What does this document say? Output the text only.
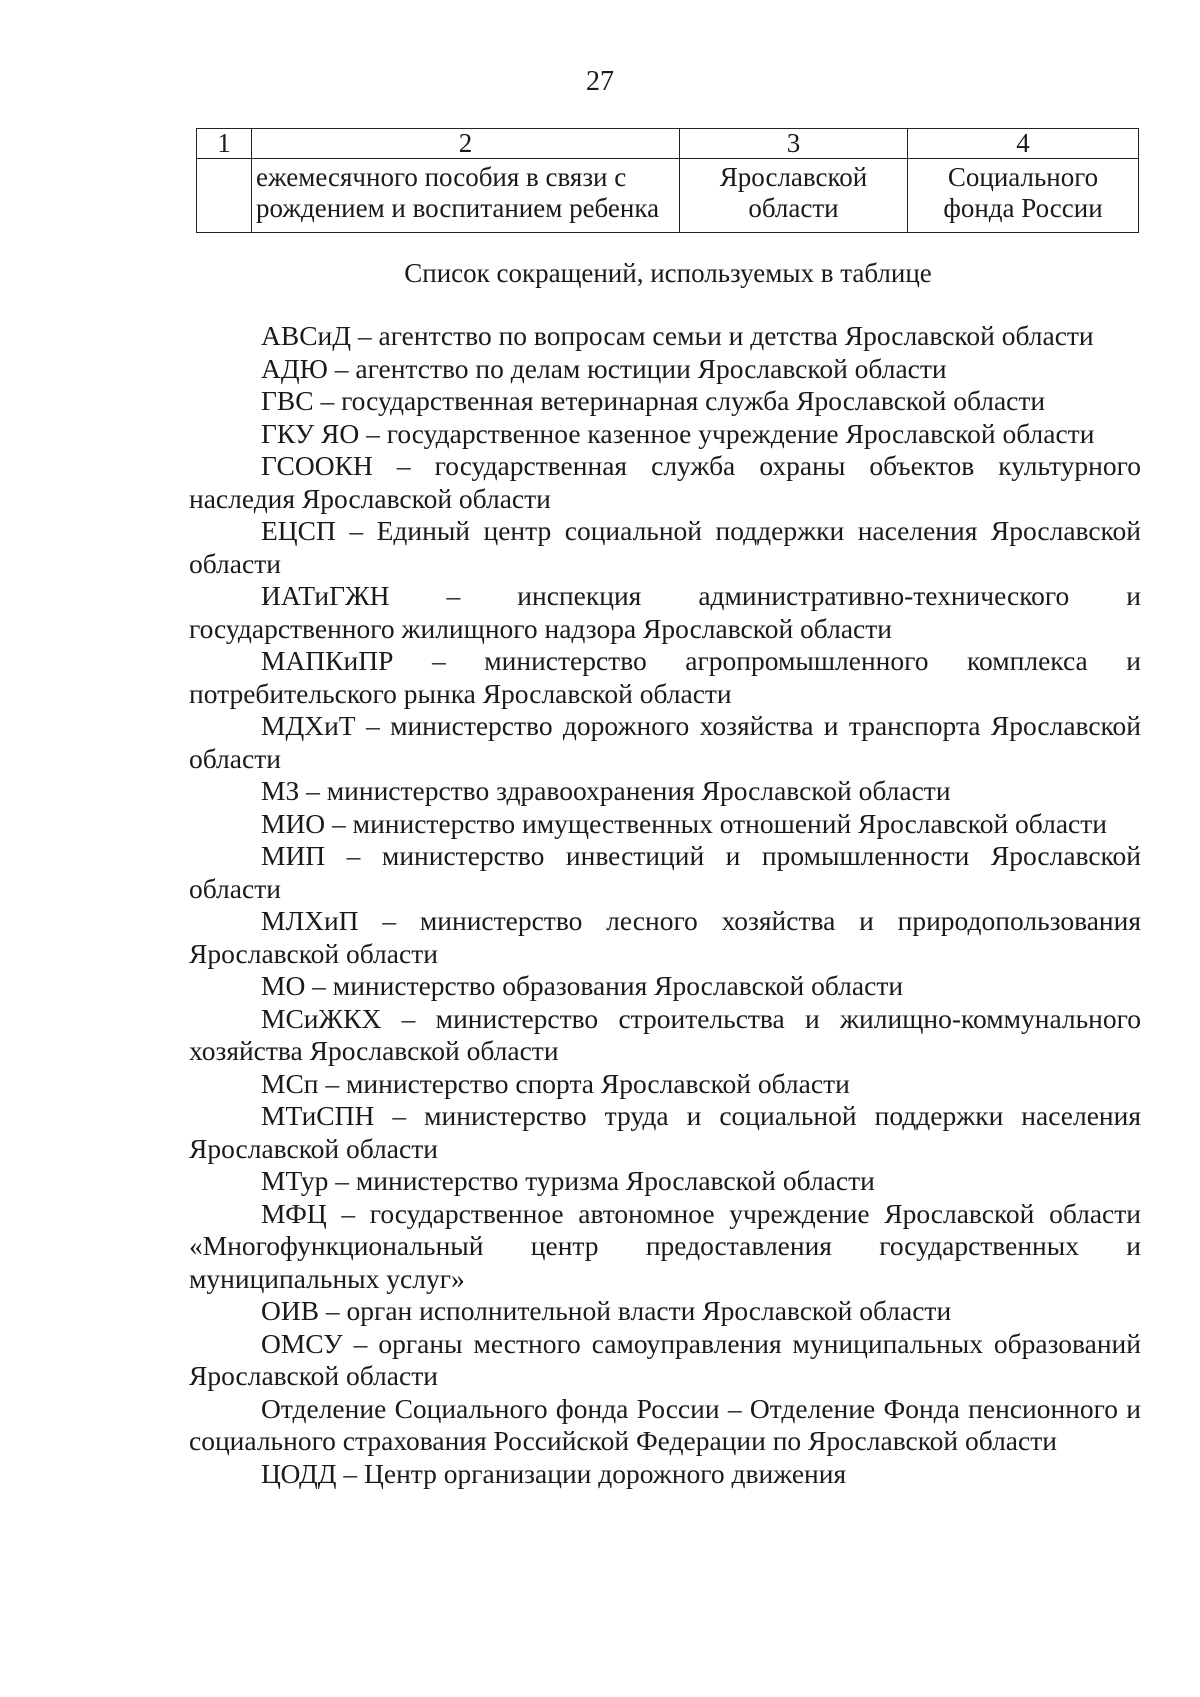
27
1	2	3	4
	ежемесячного пособия в связи с рождением и воспитанием ребенка	Ярославской области	Социального фонда России
Список сокращений, используемых в таблице

АВСиД – агентство по вопросам семьи и детства Ярославской области

АДЮ – агентство по делам юстиции Ярославской области

ГВС – государственная ветеринарная служба Ярославской области

ГКУ ЯО – государственное казенное учреждение Ярославской области

ГСООКН – государственная служба охраны объектов культурного наследия Ярославской области

ЕЦСП – Единый центр социальной поддержки населения Ярославской области

ИАТиГЖН – инспекция административно-технического и государственного жилищного надзора Ярославской области

МАПКиПР – министерство агропромышленного комплекса и потребительского рынка Ярославской области

МДХиТ – министерство дорожного хозяйства и транспорта Ярославской области

МЗ – министерство здравоохранения Ярославской области

МИО – министерство имущественных отношений Ярославской области

МИП – министерство инвестиций и промышленности Ярославской области

МЛХиП – министерство лесного хозяйства и природопользования Ярославской области

МО – министерство образования Ярославской области

МСиЖКХ – министерство строительства и жилищно-коммунального хозяйства Ярославской области

МСп – министерство спорта Ярославской области

МТиСПН – министерство труда и социальной поддержки населения Ярославской области

МТур – министерство туризма Ярославской области

МФЦ – государственное автономное учреждение Ярославской области «Многофункциональный центр предоставления государственных и муниципальных услуг»

ОИВ – орган исполнительной власти Ярославской области

ОМСУ – органы местного самоуправления муниципальных образований Ярославской области

Отделение Социального фонда России – Отделение Фонда пенсионного и социального страхования Российской Федерации по Ярославской области

ЦОДД – Центр организации дорожного движения
